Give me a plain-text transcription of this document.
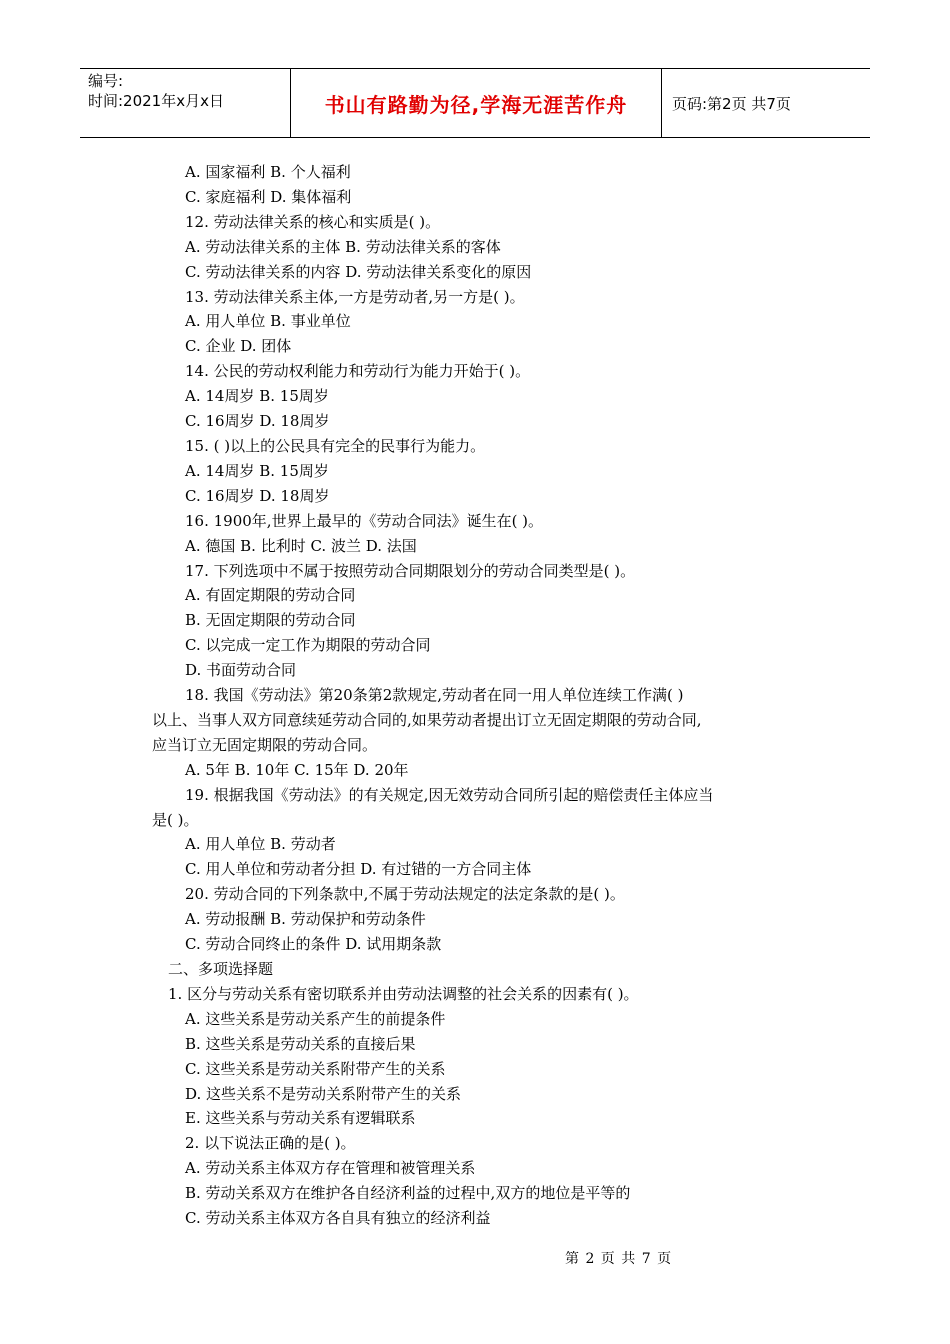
编号:
时间:2021年x月x日	书山有路勤为径,学海无涯苦作舟	页码:第2页 共7页
A. 国家福利 B. 个人福利
C. 家庭福利 D. 集体福利
12. 劳动法律关系的核心和实质是( )。
A. 劳动法律关系的主体 B. 劳动法律关系的客体
C. 劳动法律关系的内容 D. 劳动法律关系变化的原因
13. 劳动法律关系主体,一方是劳动者,另一方是( )。
A. 用人单位 B. 事业单位
C. 企业 D. 团体
14. 公民的劳动权利能力和劳动行为能力开始于( )。
A. 14周岁 B. 15周岁
C. 16周岁 D. 18周岁
15. ( )以上的公民具有完全的民事行为能力。
A. 14周岁 B. 15周岁
C. 16周岁 D. 18周岁
16. 1900年,世界上最早的《劳动合同法》诞生在( )。
A. 德国 B. 比利时 C. 波兰 D. 法国
17. 下列选项中不属于按照劳动合同期限划分的劳动合同类型是( )。
A. 有固定期限的劳动合同
B. 无固定期限的劳动合同
C. 以完成一定工作为期限的劳动合同
D. 书面劳动合同
18. 我国《劳动法》第20条第2款规定,劳动者在同一用人单位连续工作满( )
以上、当事人双方同意续延劳动合同的,如果劳动者提出订立无固定期限的劳动合同,
应当订立无固定期限的劳动合同。
A. 5年 B. 10年 C. 15年 D. 20年
19. 根据我国《劳动法》的有关规定,因无效劳动合同所引起的赔偿责任主体应当
是( )。
A. 用人单位 B. 劳动者
C. 用人单位和劳动者分担 D. 有过错的一方合同主体
20. 劳动合同的下列条款中,不属于劳动法规定的法定条款的是( )。
A. 劳动报酬 B. 劳动保护和劳动条件
C. 劳动合同终止的条件 D. 试用期条款
二、多项选择题
1. 区分与劳动关系有密切联系并由劳动法调整的社会关系的因素有( )。
A. 这些关系是劳动关系产生的前提条件
B. 这些关系是劳动关系的直接后果
C. 这些关系是劳动关系附带产生的关系
D. 这些关系不是劳动关系附带产生的关系
E. 这些关系与劳动关系有逻辑联系
2. 以下说法正确的是( )。
A. 劳动关系主体双方存在管理和被管理关系
B. 劳动关系双方在维护各自经济利益的过程中,双方的地位是平等的
C. 劳动关系主体双方各自具有独立的经济利益
第 2 页 共 7 页
